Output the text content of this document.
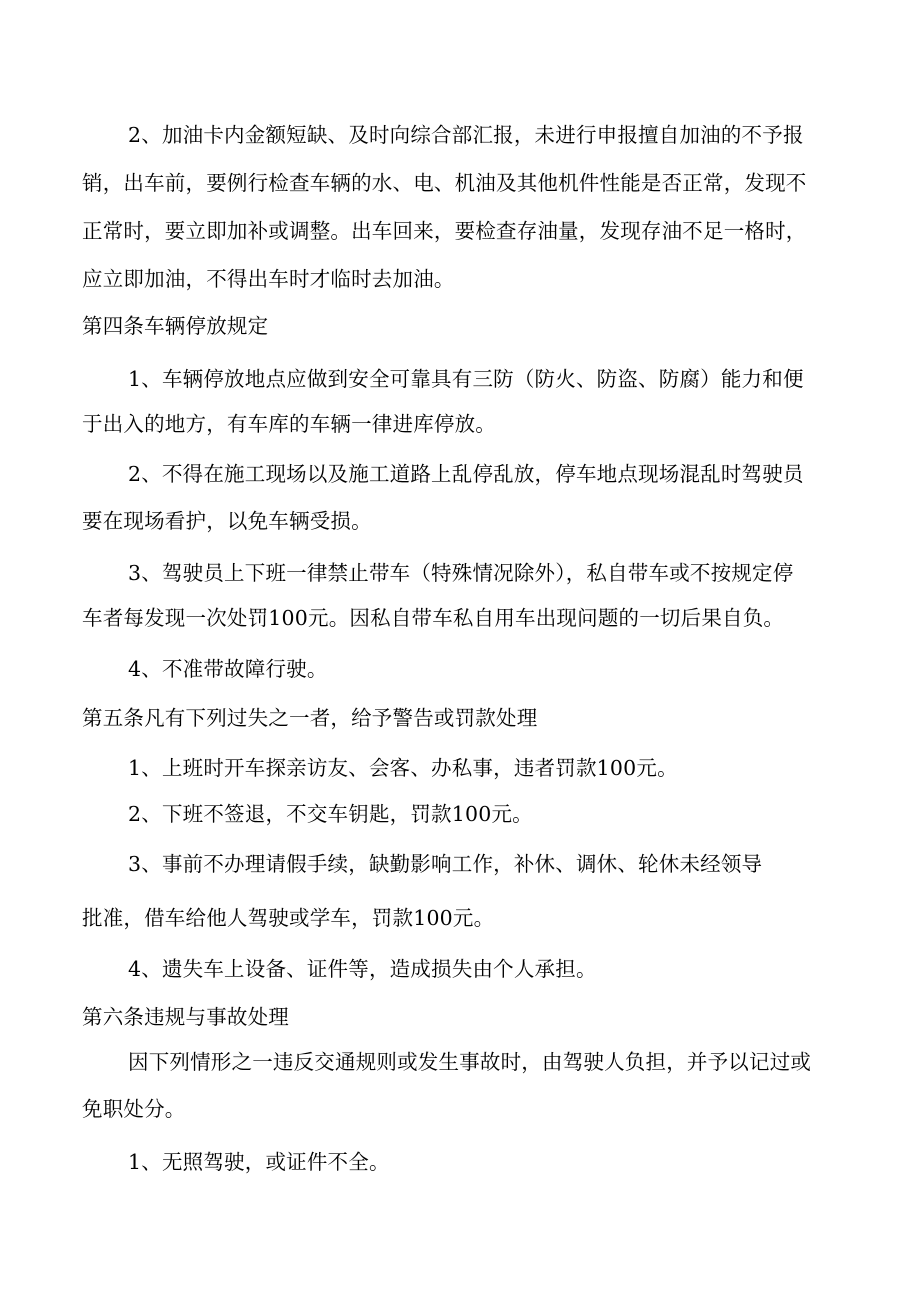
2、加油卡内金额短缺、及时向综合部汇报，未进行申报擅自加油的不予报
销，出车前，要例行检查车辆的水、电、机油及其他机件性能是否正常，发现不
正常时，要立即加补或调整。出车回来，要检查存油量，发现存油不足一格时，
应立即加油，不得出车时才临时去加油。
第四条车辆停放规定
1、车辆停放地点应做到安全可靠具有三防（防火、防盗、防腐）能力和便
于出入的地方，有车库的车辆一律进库停放。
2、不得在施工现场以及施工道路上乱停乱放，停车地点现场混乱时驾驶员
要在现场看护，以免车辆受损。
3、驾驶员上下班一律禁止带车（特殊情况除外），私自带车或不按规定停
车者每发现一次处罚100元。因私自带车私自用车出现问题的一切后果自负。
4、不准带故障行驶。
第五条凡有下列过失之一者，给予警告或罚款处理
1、上班时开车探亲访友、会客、办私事，违者罚款100元。
2、下班不签退，不交车钥匙，罚款100元。
3、事前不办理请假手续，缺勤影响工作，补休、调休、轮休未经领导
批准，借车给他人驾驶或学车，罚款100元。
4、遗失车上设备、证件等，造成损失由个人承担。
第六条违规与事故处理
因下列情形之一违反交通规则或发生事故时，由驾驶人负担，并予以记过或
免职处分。
1、无照驾驶，或证件不全。
